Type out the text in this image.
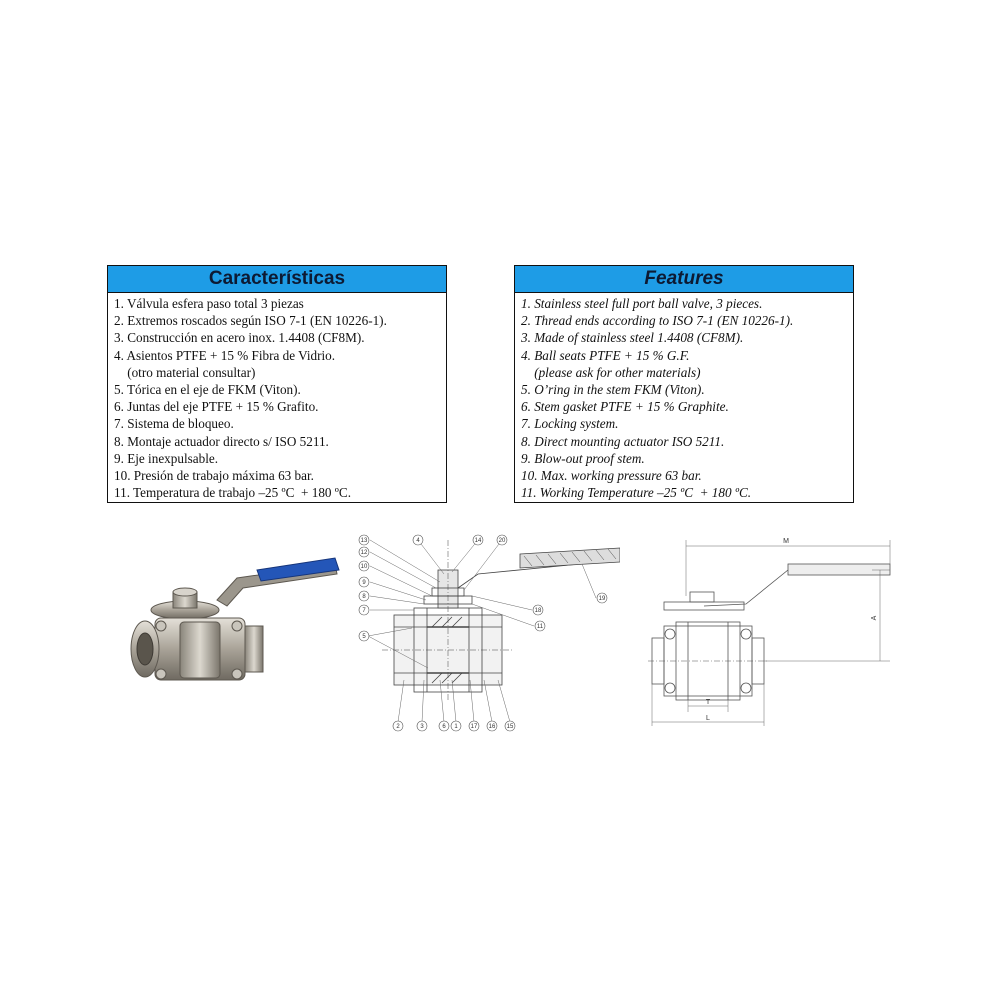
Características
1. Válvula esfera paso total 3 piezas
2. Extremos roscados según ISO 7-1 (EN 10226-1).
3. Construcción en acero inox. 1.4408 (CF8M).
4. Asientos PTFE + 15 % Fibra de Vidrio.
(otro material consultar)
5. Tórica en el eje de FKM (Viton).
6. Juntas del eje PTFE + 15 % Grafito.
7. Sistema de bloqueo.
8. Montaje actuador directo s/ ISO 5211.
9. Eje inexpulsable.
10. Presión de trabajo máxima 63 bar.
11. Temperatura de trabajo –25 ºC  + 180 ºC.
Features
1. Stainless steel full port ball valve, 3 pieces.
2. Thread ends according to ISO 7-1 (EN 10226-1).
3. Made of stainless steel 1.4408 (CF8M).
4. Ball seats PTFE + 15 % G.F.
(please ask for other materials)
5. O’ring in the stem FKM (Viton).
6. Stem gasket PTFE + 15 % Graphite.
7. Locking system.
8. Direct mounting actuator ISO 5211.
9. Blow-out proof stem.
10. Max. working pressure 63 bar.
11. Working Temperature –25 ºC  + 180 ºC.
13
12
10
9
8
7
5
4	14	20
18
11
19
2	3	6 1 17 16 15
M
A
T
L
